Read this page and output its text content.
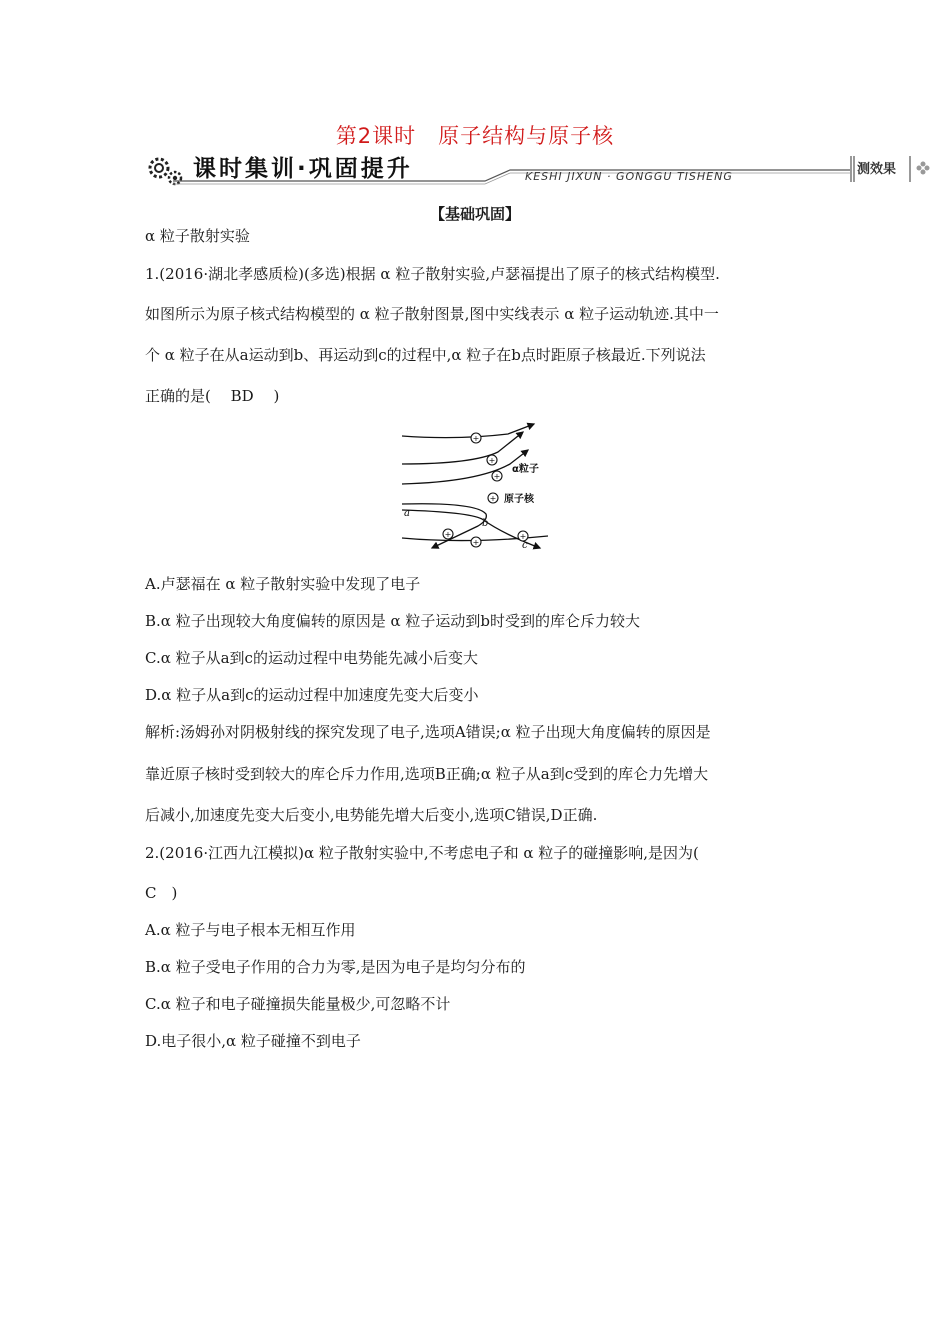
第2课时　原子结构与原子核
课时集训·巩固提升	KESHI JIXUN · GONGGU TISHENG	测效果
【基础巩固】
α 粒子散射实验
1.(2016·湖北孝感质检)(多选)根据 α 粒子散射实验,卢瑟福提出了原子的核式结构模型.
如图所示为原子核式结构模型的 α 粒子散射图景,图中实线表示 α 粒子运动轨迹.其中一
个 α 粒子在从a运动到b、再运动到c的过程中,α 粒子在b点时距原子核最近.下列说法
正确的是(　 BD 　)
+
+
+
+
+
+
+
α粒子
原子核
a
b
c
A.卢瑟福在 α 粒子散射实验中发现了电子
B.α 粒子出现较大角度偏转的原因是 α 粒子运动到b时受到的库仑斥力较大
C.α 粒子从a到c的运动过程中电势能先减小后变大
D.α 粒子从a到c的运动过程中加速度先变大后变小
解析:汤姆孙对阴极射线的探究发现了电子,选项A错误;α 粒子出现大角度偏转的原因是
靠近原子核时受到较大的库仑斥力作用,选项B正确;α 粒子从a到c受到的库仑力先增大
后减小,加速度先变大后变小,电势能先增大后变小,选项C错误,D正确.
2.(2016·江西九江模拟)α 粒子散射实验中,不考虑电子和 α 粒子的碰撞影响,是因为(
C　)
A.α 粒子与电子根本无相互作用
B.α 粒子受电子作用的合力为零,是因为电子是均匀分布的
C.α 粒子和电子碰撞损失能量极少,可忽略不计
D.电子很小,α 粒子碰撞不到电子
